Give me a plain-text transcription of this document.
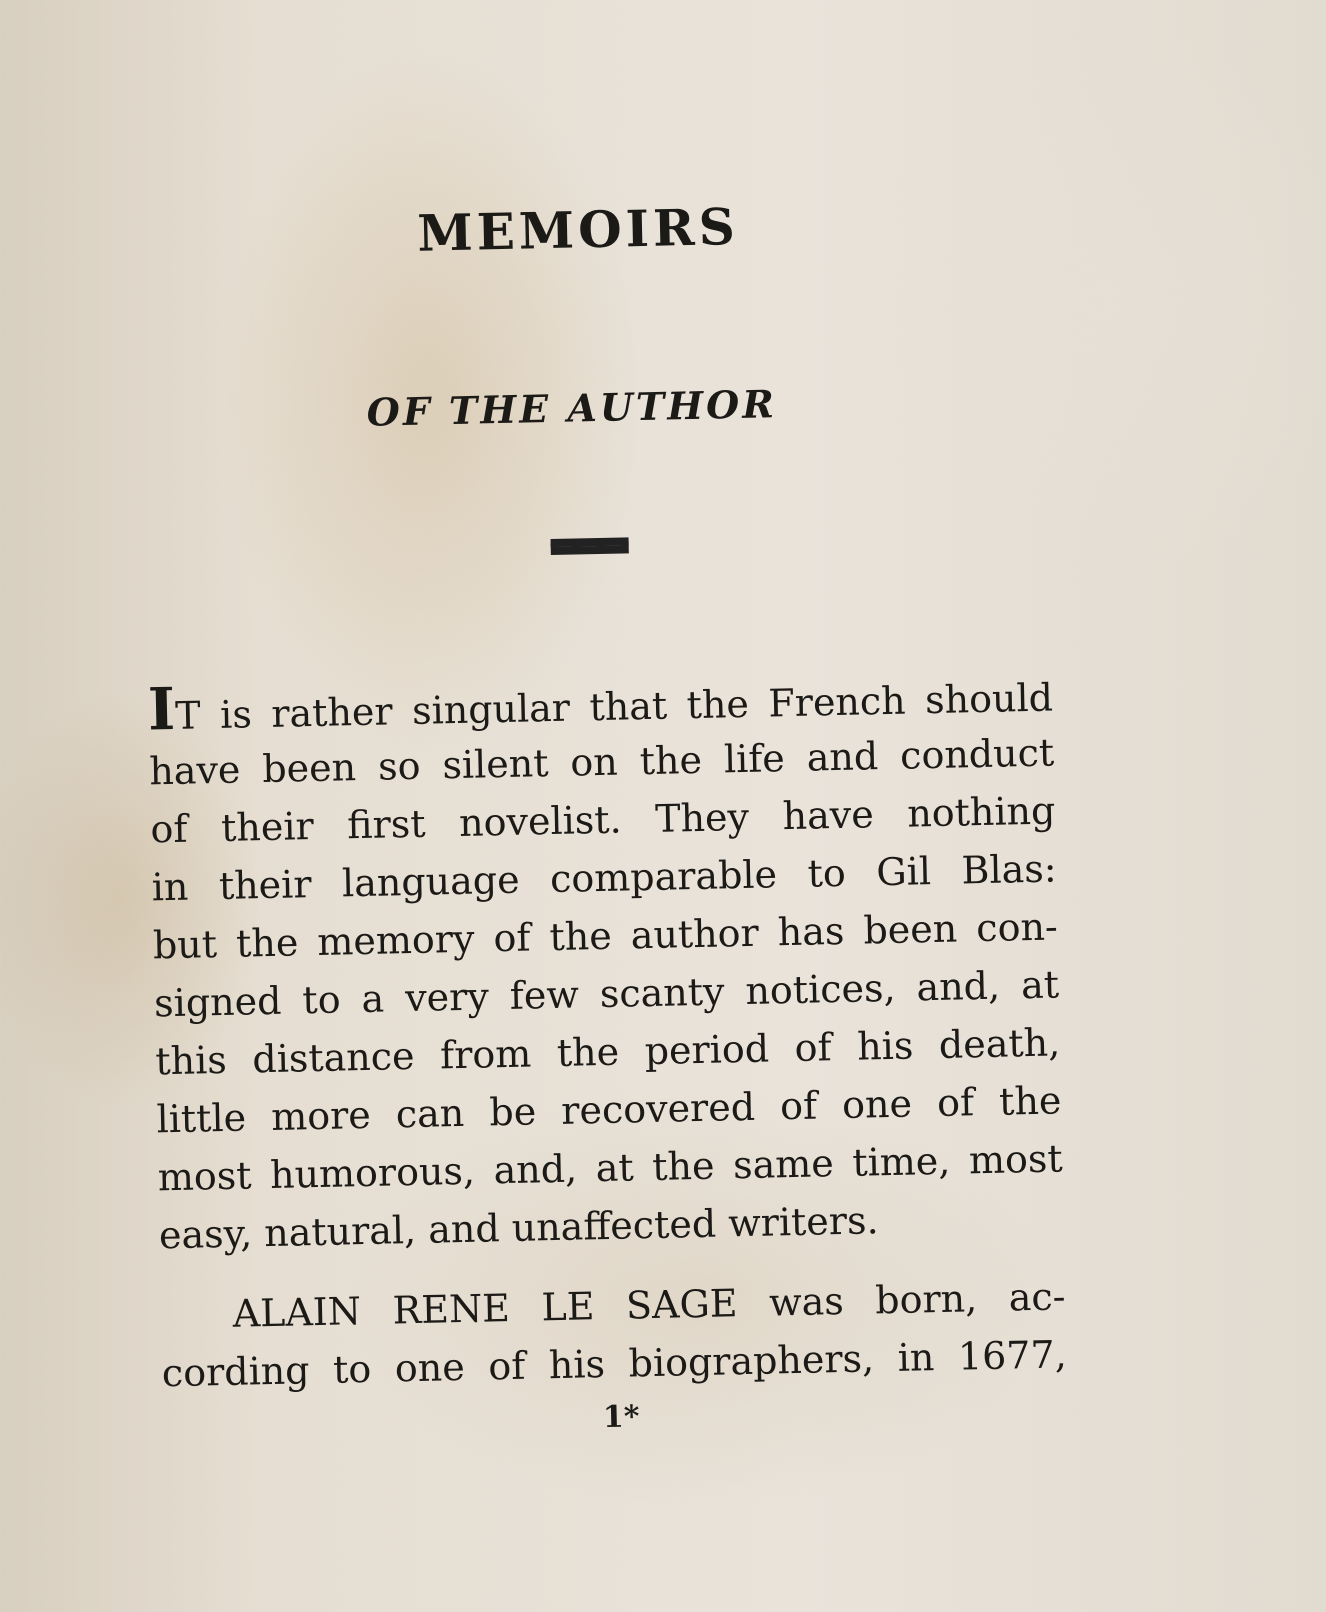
MEMOIRS
OF THE AUTHOR
IT is rather singular that the French should
have been so silent on the life and conduct
of their first novelist. They have nothing
in their language comparable to Gil Blas:
but the memory of the author has been con-
signed to a very few scanty notices, and, at
this distance from the period of his death,
little more can be recovered of one of the
most humorous, and, at the same time, most
easy, natural, and unaffected writers.
ALAIN RENE LE SAGE was born, ac-
cording to one of his biographers, in 1677,
1*
